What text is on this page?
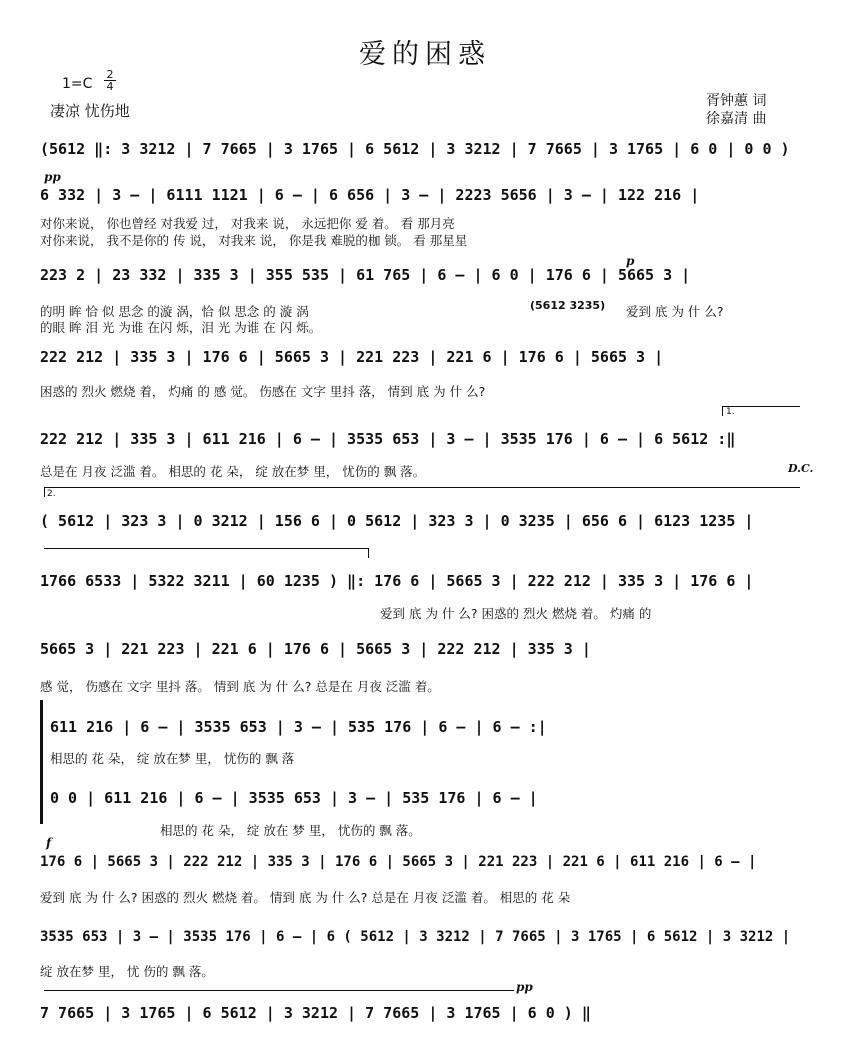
爱的困惑
1=C
2
4
凄凉 忧伤地
胥钟蕙 词
徐嘉清 曲
(5612 ‖: 3 3212 | 7 7665 | 3 1765 | 6 5612 | 3 3212 | 7 7665 | 3 1765 | 6 0 | 0 0 )
pp
6 332 | 3 – | 6111 1121 | 6 – | 6 656 | 3 – | 2223 5656 | 3 – | 122 216 |
对你来说， 你也曾经 对我爱 过， 对我来 说， 永远把你 爱 着。 看 那月亮
对你来说， 我不是你的 传 说， 对我来 说， 你是我 难脱的枷 锁。 看 那星星
223 2 | 23 332 | 335 3 | 355 535 | 61 765 | 6 – | 6 0 | 176 6 | 5665 3 |
p
的明 眸 恰 似 思念 的漩 涡，恰 似 思念 的 漩 涡	(5612 3235)	爱到 底 为 什 么?
的眼 眸 泪 光 为谁 在闪 烁，泪 光 为谁 在 闪 烁。
222 212 | 335 3 | 176 6 | 5665 3 | 221 223 | 221 6 | 176 6 | 5665 3 |
困惑的 烈火 燃烧 着， 灼痛 的 感 觉。 伤感在 文字 里抖 落， 情到 底 为 什 么?
1.
222 212 | 335 3 | 611 216 | 6 – | 3535 653 | 3 – | 3535 176 | 6 – | 6 5612 :‖
总是在 月夜 泛滥 着。 相思的 花 朵， 绽 放在梦 里， 忧伤的 飘 落。	D.C.
2.
( 5612 | 323 3 | 0 3212 | 156 6 | 0 5612 | 323 3 | 0 3235 | 656 6 | 6123 1235 |
1766 6533 | 5322 3211 | 60 1235 ) ‖: 176 6 | 5665 3 | 222 212 | 335 3 | 176 6 |
爱到 底 为 什 么? 困惑的 烈火 燃烧 着。 灼痛 的
5665 3 | 221 223 | 221 6 | 176 6 | 5665 3 | 222 212 | 335 3 |
感 觉， 伤感在 文字 里抖 落。 情到 底 为 什 么? 总是在 月夜 泛滥 着。
611 216 | 6 – | 3535 653 | 3 – | 535 176 | 6 – | 6 – :|
相思的 花 朵， 绽 放在梦 里， 忧伤的 飘 落
0 0 | 611 216 | 6 – | 3535 653 | 3 – | 535 176 | 6 – |
相思的 花 朵， 绽 放在 梦 里， 忧伤的 飘 落。
f
176 6 | 5665 3 | 222 212 | 335 3 | 176 6 | 5665 3 | 221 223 | 221 6 | 611 216 | 6 – |
爱到 底 为 什 么? 困惑的 烈火 燃烧 着。 情到 底 为 什 么? 总是在 月夜 泛滥 着。 相思的 花 朵
3535 653 | 3 – | 3535 176 | 6 – | 6 ( 5612 | 3 3212 | 7 7665 | 3 1765 | 6 5612 | 3 3212 |
绽 放在梦 里， 忧 伤的 飘 落。
pp
7 7665 | 3 1765 | 6 5612 | 3 3212 | 7 7665 | 3 1765 | 6 0 ) ‖
